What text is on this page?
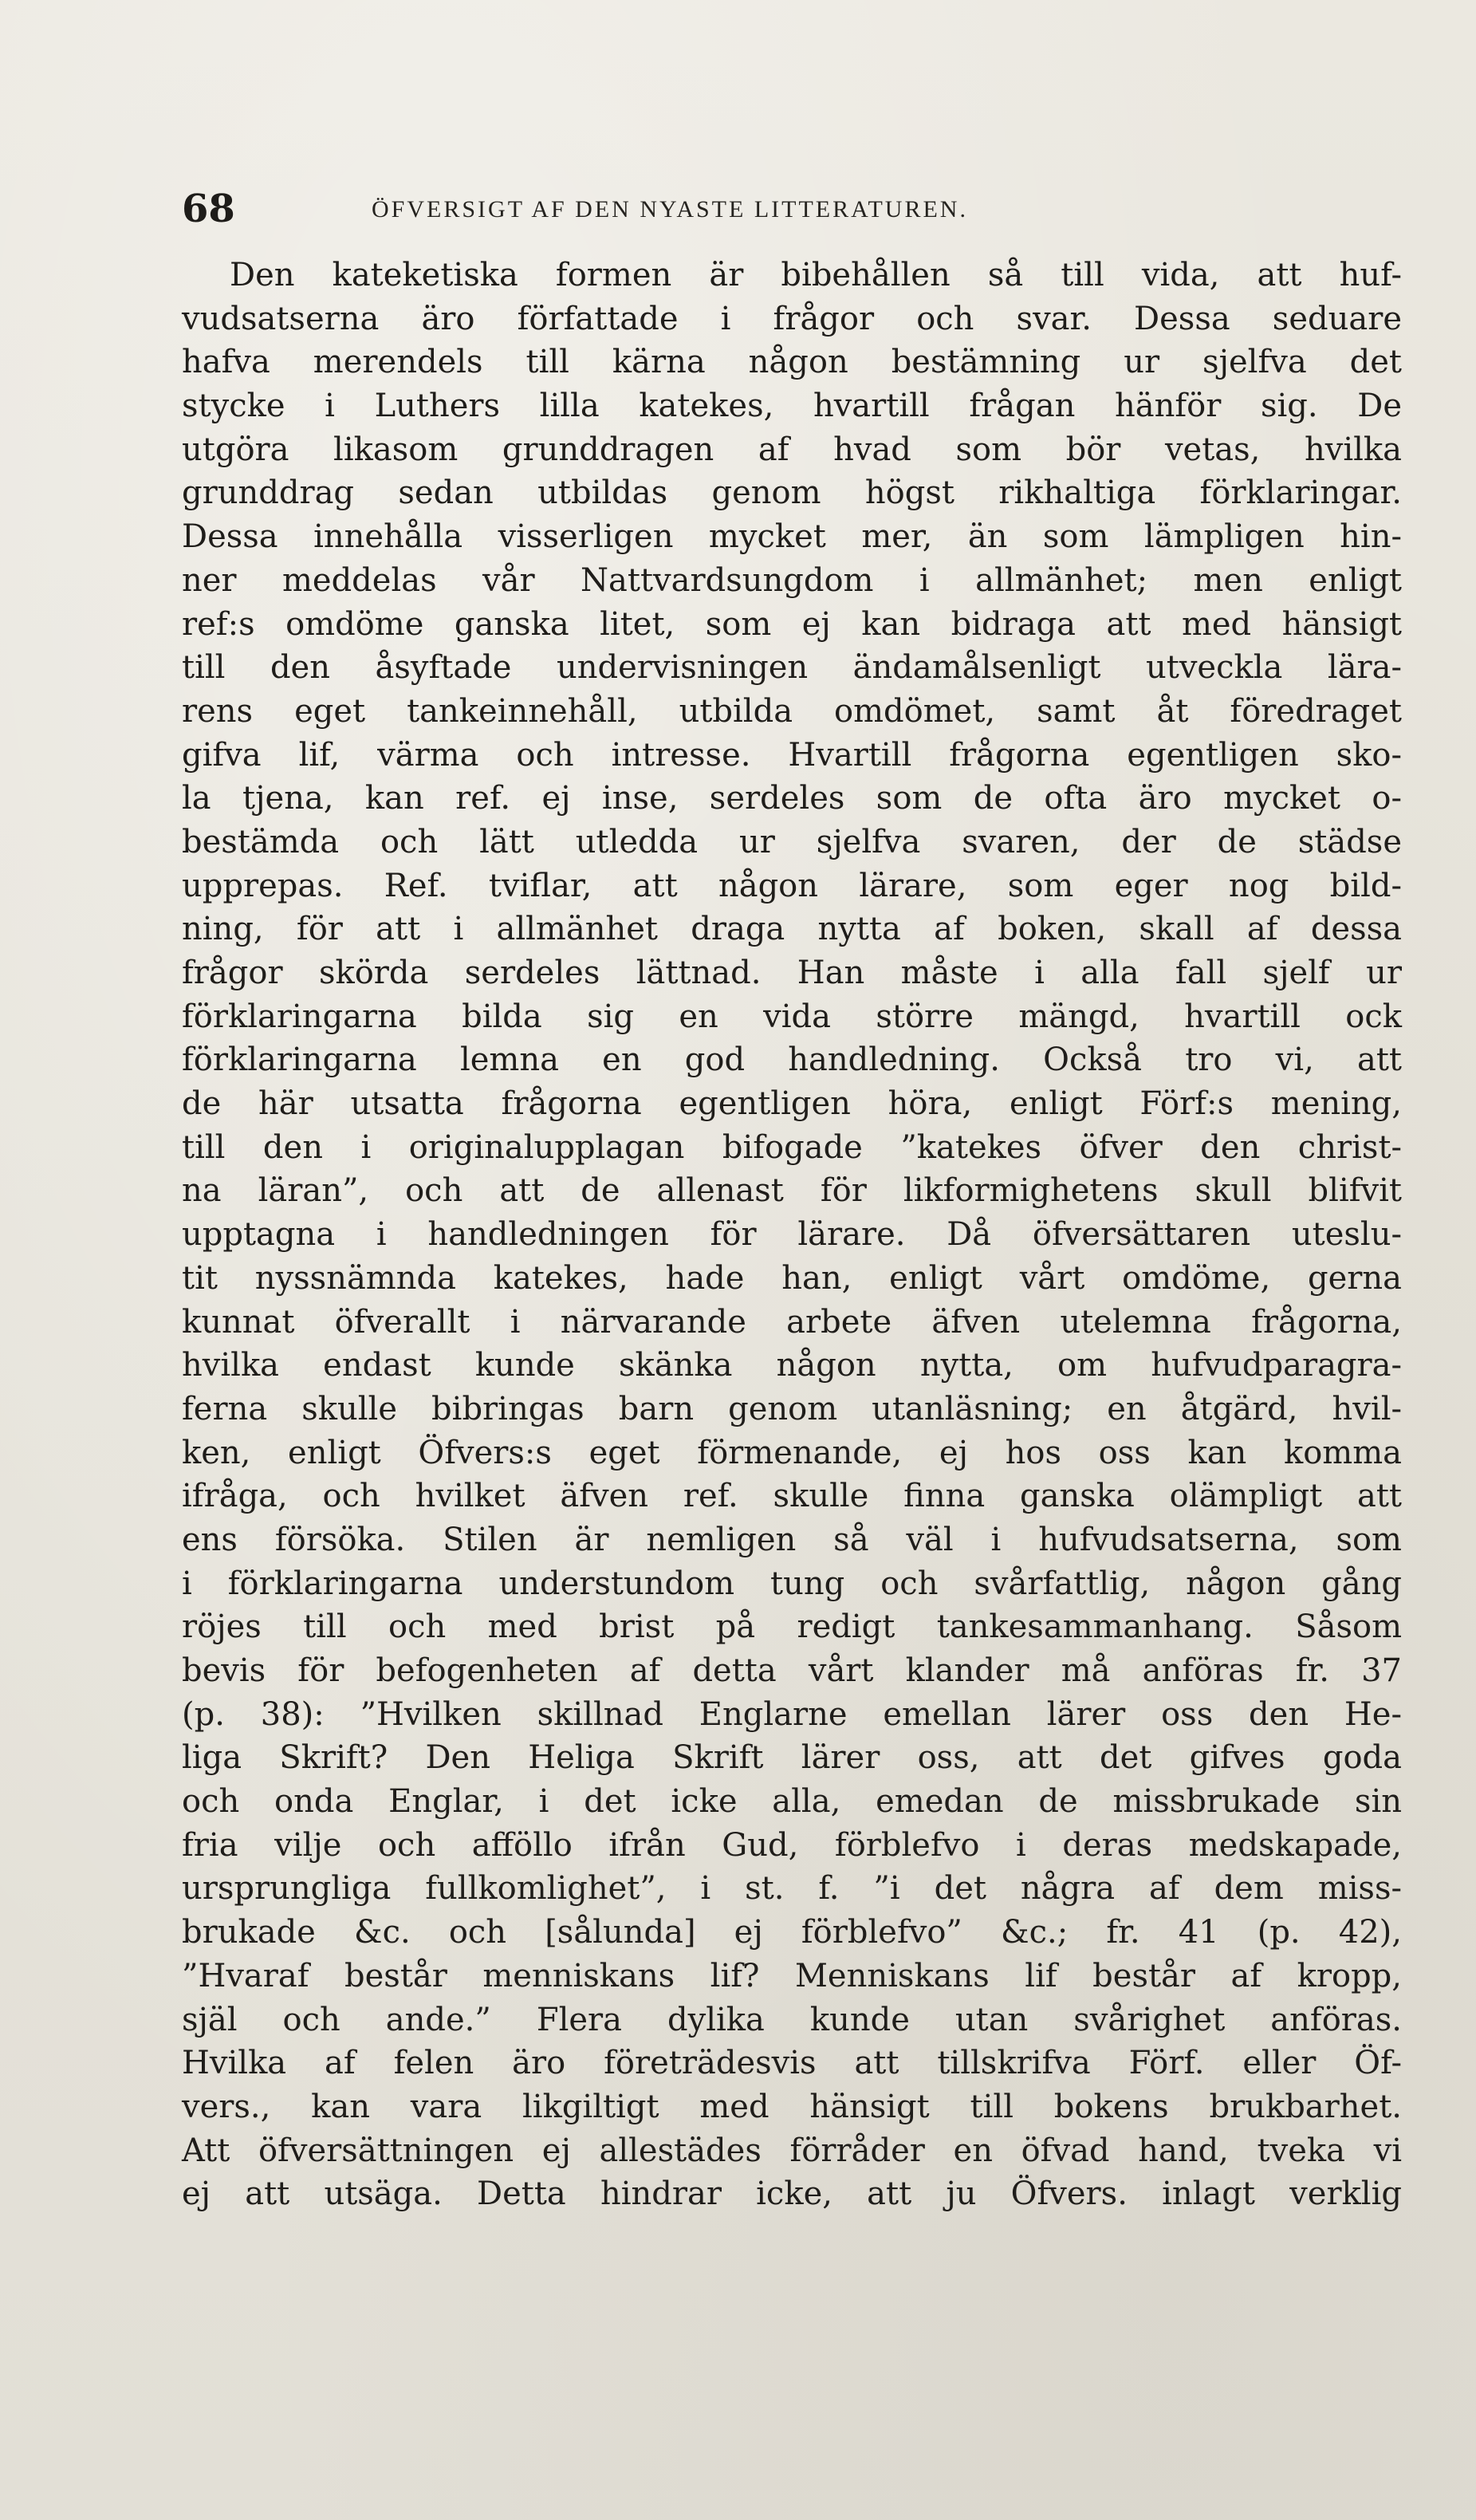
68	ÖFVERSIGT AF DEN NYASTE LITTERATUREN.
Den kateketiska formen är bibehållen så till vida, att huf-
vudsatserna äro författade i frågor och svar. Dessa seduare
hafva merendels till kärna någon bestämning ur sjelfva det
stycke i Luthers lilla katekes, hvartill frågan hänför sig. De
utgöra likasom grunddragen af hvad som bör vetas, hvilka
grunddrag sedan utbildas genom högst rikhaltiga förklaringar.
Dessa innehålla visserligen mycket mer, än som lämpligen hin-
ner meddelas vår Nattvardsungdom i allmänhet; men enligt
ref:s omdöme ganska litet, som ej kan bidraga att med hänsigt
till den åsyftade undervisningen ändamålsenligt utveckla lära-
rens eget tankeinnehåll, utbilda omdömet, samt åt föredraget
gifva lif, värma och intresse. Hvartill frågorna egentligen sko-
la tjena, kan ref. ej inse, serdeles som de ofta äro mycket o-
bestämda och lätt utledda ur sjelfva svaren, der de städse
upprepas. Ref. tviflar, att någon lärare, som eger nog bild-
ning, för att i allmänhet draga nytta af boken, skall af dessa
frågor skörda serdeles lättnad. Han måste i alla fall sjelf ur
förklaringarna bilda sig en vida större mängd, hvartill ock
förklaringarna lemna en god handledning. Också tro vi, att
de här utsatta frågorna egentligen höra, enligt Förf:s mening,
till den i originalupplagan bifogade ”katekes öfver den christ-
na läran”, och att de allenast för likformighetens skull blifvit
upptagna i handledningen för lärare. Då öfversättaren uteslu-
tit nyssnämnda katekes, hade han, enligt vårt omdöme, gerna
kunnat öfverallt i närvarande arbete äfven utelemna frågorna,
hvilka endast kunde skänka någon nytta, om hufvudparagra-
ferna skulle bibringas barn genom utanläsning; en åtgärd, hvil-
ken, enligt Öfvers:s eget förmenande, ej hos oss kan komma
ifråga, och hvilket äfven ref. skulle finna ganska olämpligt att
ens försöka. Stilen är nemligen så väl i hufvudsatserna, som
i förklaringarna understundom tung och svårfattlig, någon gång
röjes till och med brist på redigt tankesammanhang. Såsom
bevis för befogenheten af detta vårt klander må anföras fr. 37
(p. 38): ”Hvilken skillnad Englarne emellan lärer oss den He-
liga Skrift? Den Heliga Skrift lärer oss, att det gifves goda
och onda Englar, i det icke alla, emedan de missbrukade sin
fria vilje och afföllo ifrån Gud, förblefvo i deras medskapade,
ursprungliga fullkomlighet”, i st. f. ”i det några af dem miss-
brukade &c. och [sålunda] ej förblefvo” &c.; fr. 41 (p. 42),
”Hvaraf består menniskans lif? Menniskans lif består af kropp,
själ och ande.” Flera dylika kunde utan svårighet anföras.
Hvilka af felen äro företrädesvis att tillskrifva Förf. eller Öf-
vers., kan vara likgiltigt med hänsigt till bokens brukbarhet.
Att öfversättningen ej allestädes förråder en öfvad hand, tveka vi
ej att utsäga. Detta hindrar icke, att ju Öfvers. inlagt verklig
